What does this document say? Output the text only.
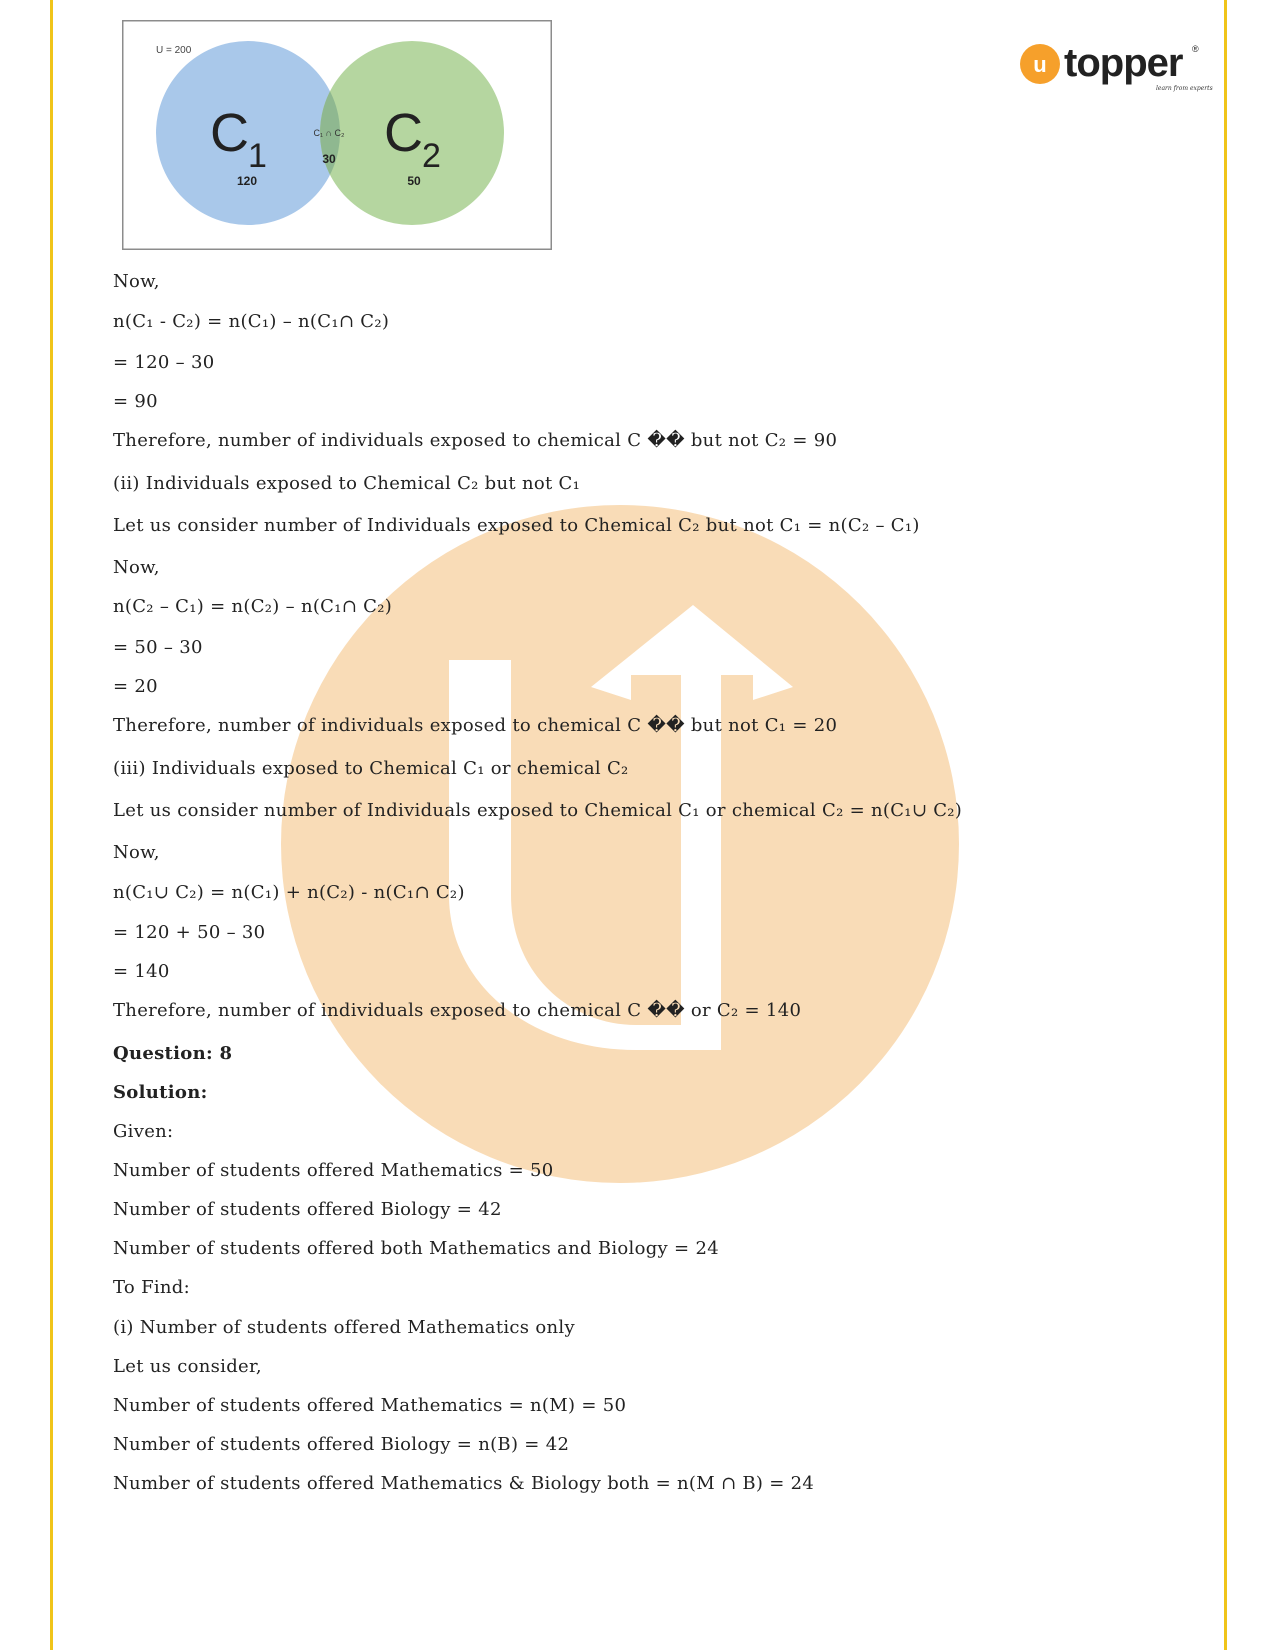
U = 200
C 1 C 2
C₁ ∩ C₂
30
120	50
u topper ®
learn from experts
Now,
n(C₁ - C₂) = n(C₁) – n(C₁∩ C₂)
= 120 – 30
= 90
Therefore, number of individuals exposed to chemical C �� but not C₂ = 90
(ii) Individuals exposed to Chemical C₂ but not C₁
Let us consider number of Individuals exposed to Chemical C₂ but not C₁ = n(C₂ – C₁)
Now,
n(C₂ – C₁) = n(C₂) – n(C₁∩ C₂)
= 50 – 30
= 20
Therefore, number of individuals exposed to chemical C �� but not C₁ = 20
(iii) Individuals exposed to Chemical C₁ or chemical C₂
Let us consider number of Individuals exposed to Chemical C₁ or chemical C₂ = n(C₁∪ C₂)
Now,
n(C₁∪ C₂) = n(C₁) + n(C₂) - n(C₁∩ C₂)
= 120 + 50 – 30
= 140
Therefore, number of individuals exposed to chemical C �� or C₂ = 140
Question: 8
Solution:
Given:
Number of students offered Mathematics = 50
Number of students offered Biology = 42
Number of students offered both Mathematics and Biology = 24
To Find:
(i) Number of students offered Mathematics only
Let us consider,
Number of students offered Mathematics = n(M) = 50
Number of students offered Biology = n(B) = 42
Number of students offered Mathematics & Biology both = n(M ∩ B) = 24
